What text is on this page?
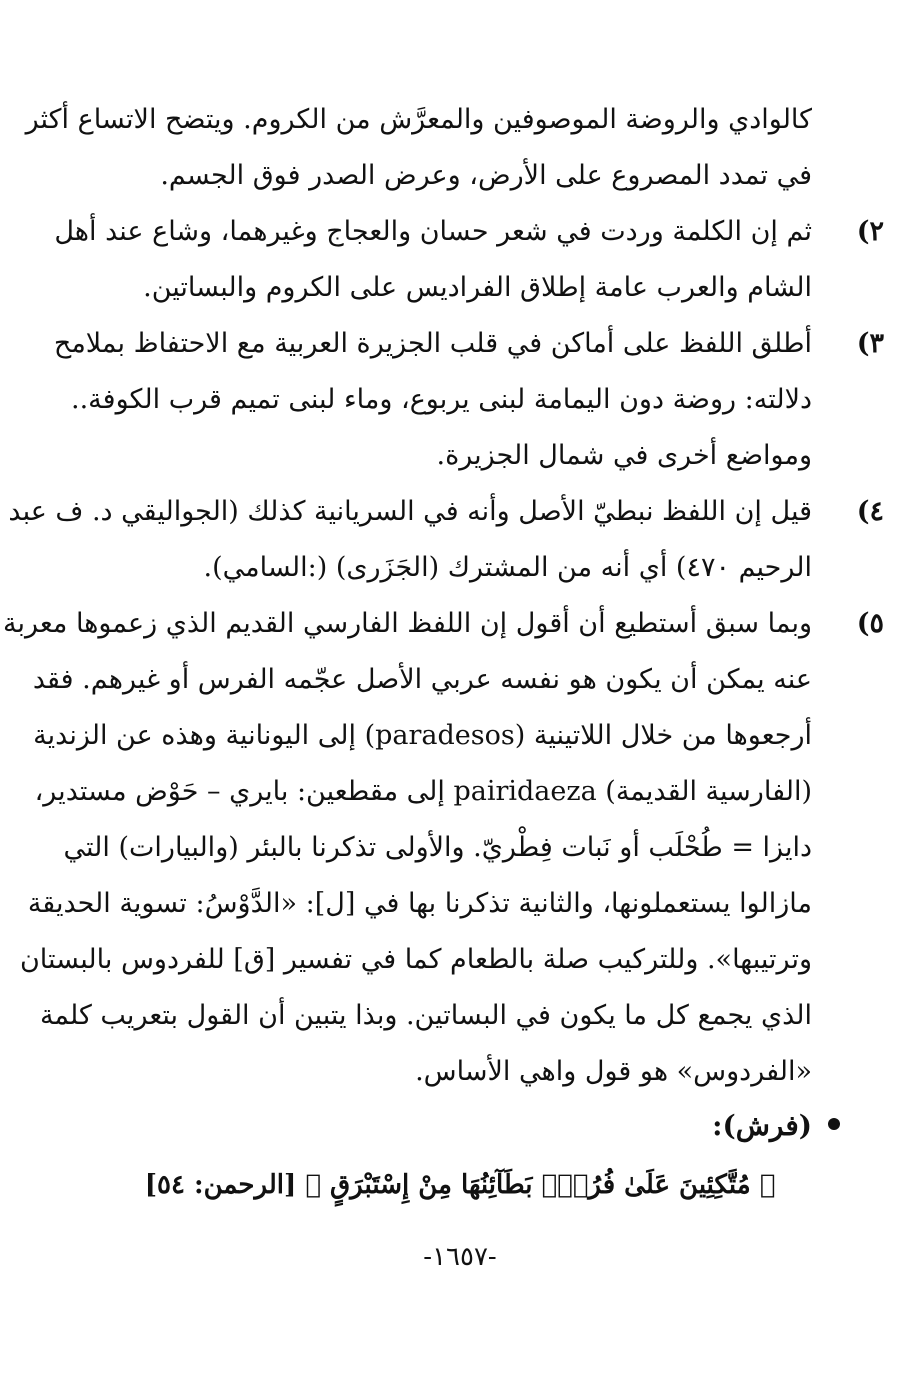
كالوادي والروضة الموصوفين والمعرَّش من الكروم. ويتضح الاتساع أكثر
في تمدد المصروع على الأرض، وعرض الصدر فوق الجسم.
٢)
ثم إن الكلمة وردت في شعر حسان والعجاج وغيرهما، وشاع عند أهل
الشام والعرب عامة إطلاق الفراديس على الكروم والبساتين.
٣)
أطلق اللفظ على أماكن في قلب الجزيرة العربية مع الاحتفاظ بملامح
دلالته: روضة دون اليمامة لبنى يربوع، وماء لبنى تميم قرب الكوفة..
ومواضع أخرى في شمال الجزيرة.
٤)
قيل إن اللفظ نبطيّ الأصل وأنه في السريانية كذلك (الجواليقي د. ف عبد
الرحيم ٤٧٠) أي أنه من المشترك (الجَزَرى) (:السامي).
٥)
وبما سبق أستطيع أن أقول إن اللفظ الفارسي القديم الذي زعموها معربة
عنه يمكن أن يكون هو نفسه عربي الأصل عجّمه الفرس أو غيرهم. فقد
أرجعوها من خلال اللاتينية (paradesos) إلى اليونانية وهذه عن الزندية
(الفارسية القديمة) pairidaeza إلى مقطعين: بايري – حَوْض مستدير،
دايزا = طُحْلَب أو نَبات فِطْريّ. والأولى تذكرنا بالبئر (والبيارات) التي
مازالوا يستعملونها، والثانية تذكرنا بها في [ل]: «الدَّوْسُ: تسوية الحديقة
وترتيبها». وللتركيب صلة بالطعام كما في تفسير [ق] للفردوس بالبستان
الذي يجمع كل ما يكون في البساتين. وبذا يتبين أن القول بتعريب كلمة
«الفردوس» هو قول واهي الأساس.
(فرش):
﴿ مُتَّكِئِينَ عَلَىٰ فُرُشٍۭ بَطَآئِنُهَا مِنْ إِسْتَبْرَقٍ ﴾ [الرحمن: ٥٤]
-١٦٥٧-
